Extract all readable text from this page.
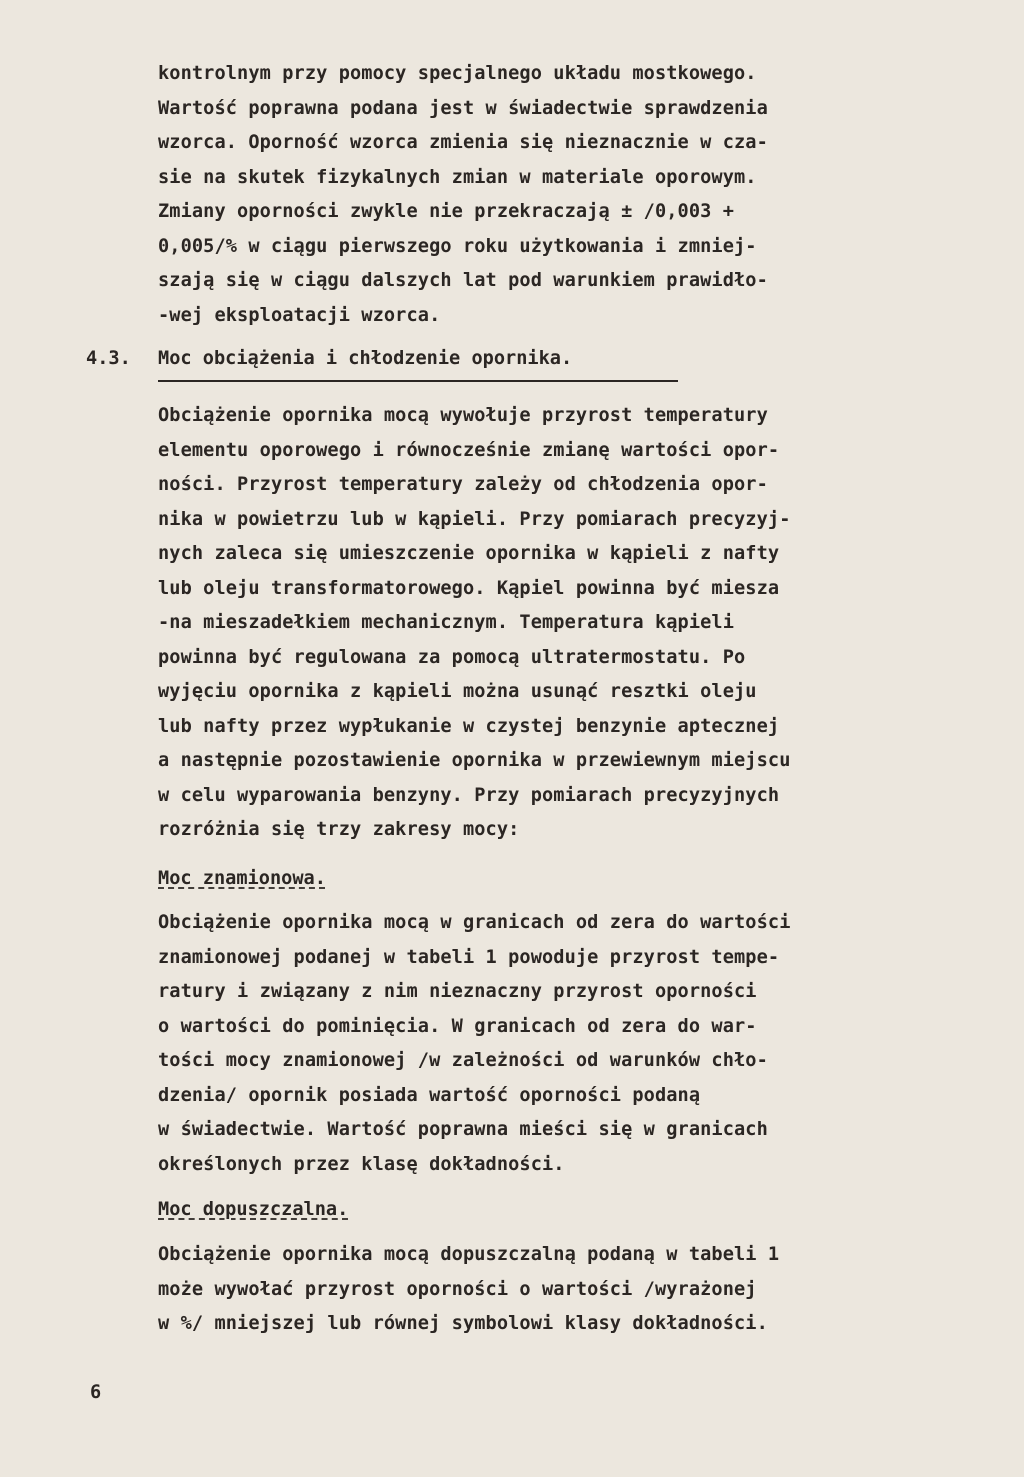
kontrolnym przy pomocy specjalnego układu mostkowego.
Wartość poprawna podana jest w świadectwie sprawdzenia
wzorca. Oporność wzorca zmienia się nieznacznie w cza-
sie na skutek fizykalnych zmian w materiale oporowym.
Zmiany oporności zwykle nie przekraczają ± /0,003 +
0,005/% w ciągu pierwszego roku użytkowania i zmniej-
szają się w ciągu dalszych lat pod warunkiem prawidło-
-wej eksploatacji wzorca.
4.3. Moc obciążenia i chłodzenie opornika.
Obciążenie opornika mocą wywołuje przyrost temperatury
elementu oporowego i równocześnie zmianę wartości opor-
ności. Przyrost temperatury zależy od chłodzenia opor-
nika w powietrzu lub w kąpieli. Przy pomiarach precyzyj-
nych zaleca się umieszczenie opornika w kąpieli z nafty
lub oleju transformatorowego. Kąpiel powinna być miesza
-na mieszadełkiem mechanicznym. Temperatura kąpieli
powinna być regulowana za pomocą ultratermostatu. Po
wyjęciu opornika z kąpieli można usunąć resztki oleju
lub nafty przez wypłukanie w czystej benzynie aptecznej
a następnie pozostawienie opornika w przewiewnym miejscu
w celu wyparowania benzyny. Przy pomiarach precyzyjnych
rozróżnia się trzy zakresy mocy:
Moc znamionowa.
Obciążenie opornika mocą w granicach od zera do wartości
znamionowej podanej w tabeli 1 powoduje przyrost tempe-
ratury i związany z nim nieznaczny przyrost oporności
o wartości do pominięcia. W granicach od zera do war-
tości mocy znamionowej /w zależności od warunków chło-
dzenia/ opornik posiada wartość oporności podaną
w świadectwie. Wartość poprawna mieści się w granicach
określonych przez klasę dokładności.
Moc dopuszczalna.
Obciążenie opornika mocą dopuszczalną podaną w tabeli 1
może wywołać przyrost oporności o wartości /wyrażonej
w %/ mniejszej lub równej symbolowi klasy dokładności.
6
